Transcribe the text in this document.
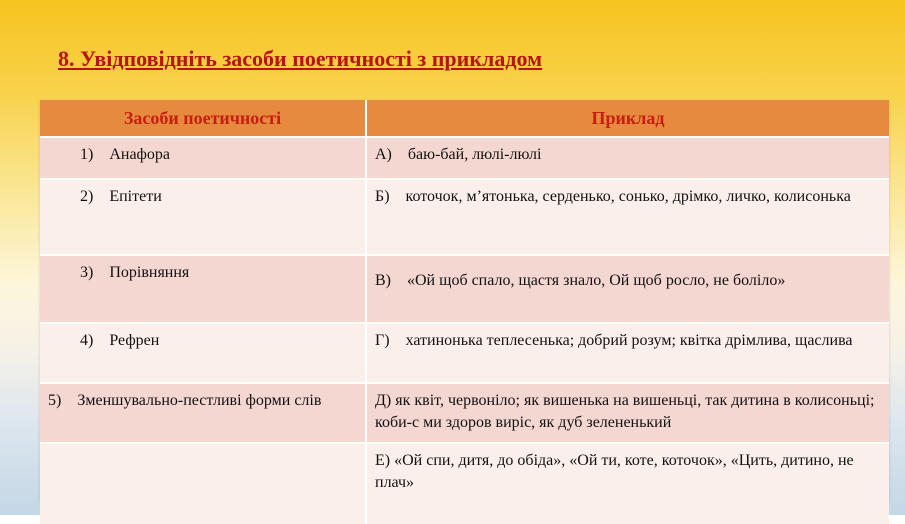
8. Увідповідніть засоби поетичності з прикладом
Засоби поетичності	Приклад
1) Анафора	А) баю-бай, люлі-люлі
2) Епітети	Б) коточок, м’ятонька, серденько, сонько, дрімко, личко, колисонька
3) Порівняння	В) «Ой щоб спало, щастя знало, Ой щоб росло, не боліло»
4) Рефрен	Г) хатинонька теплесенька; добрий розум; квітка дрімлива, щаслива
5) Зменшувально-пестливі форми слів	Д) як квіт, червоніло; як вишенька на вишеньці, так дитина в колисоньці; коби-с ми здоров виріс, як дуб зелененький
	Е) «Ой спи, дитя, до обіда», «Ой ти, коте, коточок», «Цить, дитино, не плач»
